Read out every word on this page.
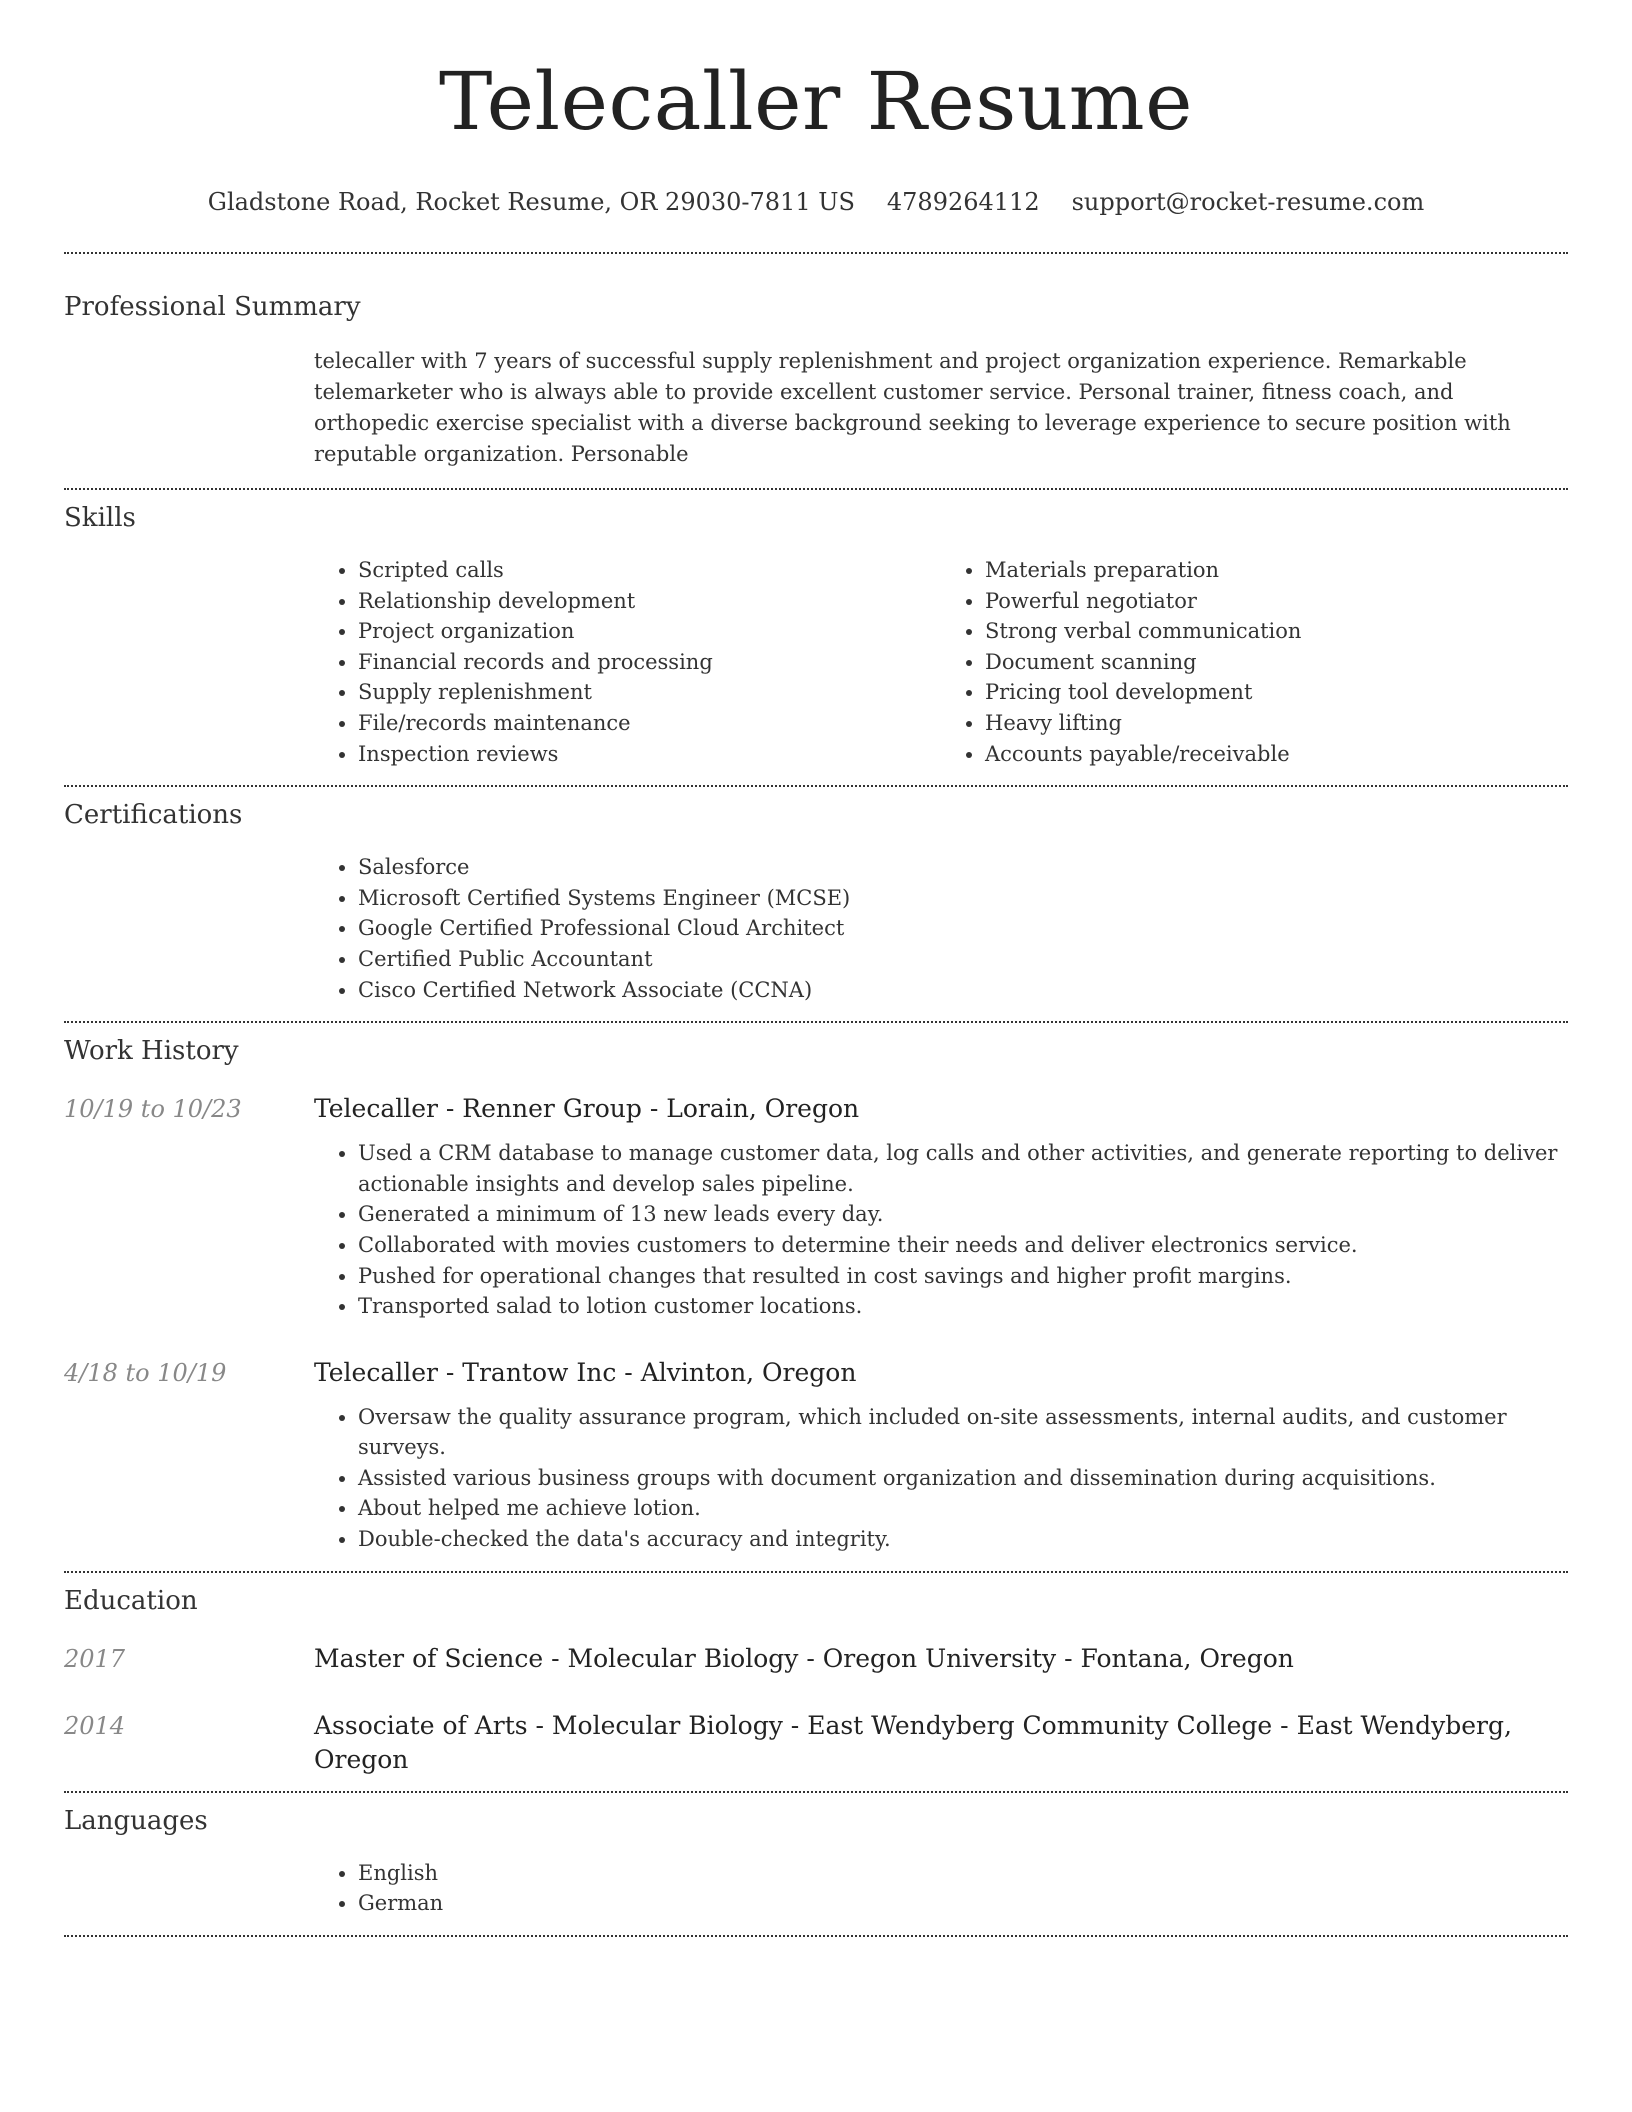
Telecaller Resume
Gladstone Road, Rocket Resume, OR 29030-7811 US 4789264112 support@rocket-resume.com
Professional Summary
telecaller with 7 years of successful supply replenishment and project organization experience. Remarkable telemarketer who is always able to provide excellent customer service. Personal trainer, fitness coach, and orthopedic exercise specialist with a diverse background seeking to leverage experience to secure position with reputable organization. Personable
Skills
• Scripted calls
• Relationship development
• Project organization
• Financial records and processing
• Supply replenishment
• File/records maintenance
• Inspection reviews
• Materials preparation
• Powerful negotiator
• Strong verbal communication
• Document scanning
• Pricing tool development
• Heavy lifting
• Accounts payable/receivable
Certifications
• Salesforce
• Microsoft Certified Systems Engineer (MCSE)
• Google Certified Professional Cloud Architect
• Certified Public Accountant
• Cisco Certified Network Associate (CCNA)
Work History
10/19 to 10/23	Telecaller - Renner Group - Lorain, Oregon
• Used a CRM database to manage customer data, log calls and other activities, and generate reporting to deliver actionable insights and develop sales pipeline.
• Generated a minimum of 13 new leads every day.
• Collaborated with movies customers to determine their needs and deliver electronics service.
• Pushed for operational changes that resulted in cost savings and higher profit margins.
• Transported salad to lotion customer locations.
4/18 to 10/19	Telecaller - Trantow Inc - Alvinton, Oregon
• Oversaw the quality assurance program, which included on-site assessments, internal audits, and customer surveys.
• Assisted various business groups with document organization and dissemination during acquisitions.
• About helped me achieve lotion.
• Double-checked the data's accuracy and integrity.
Education
2017	Master of Science - Molecular Biology - Oregon University - Fontana, Oregon
2014	Associate of Arts - Molecular Biology - East Wendyberg Community College - East Wendyberg, Oregon
Languages
• English
• German
